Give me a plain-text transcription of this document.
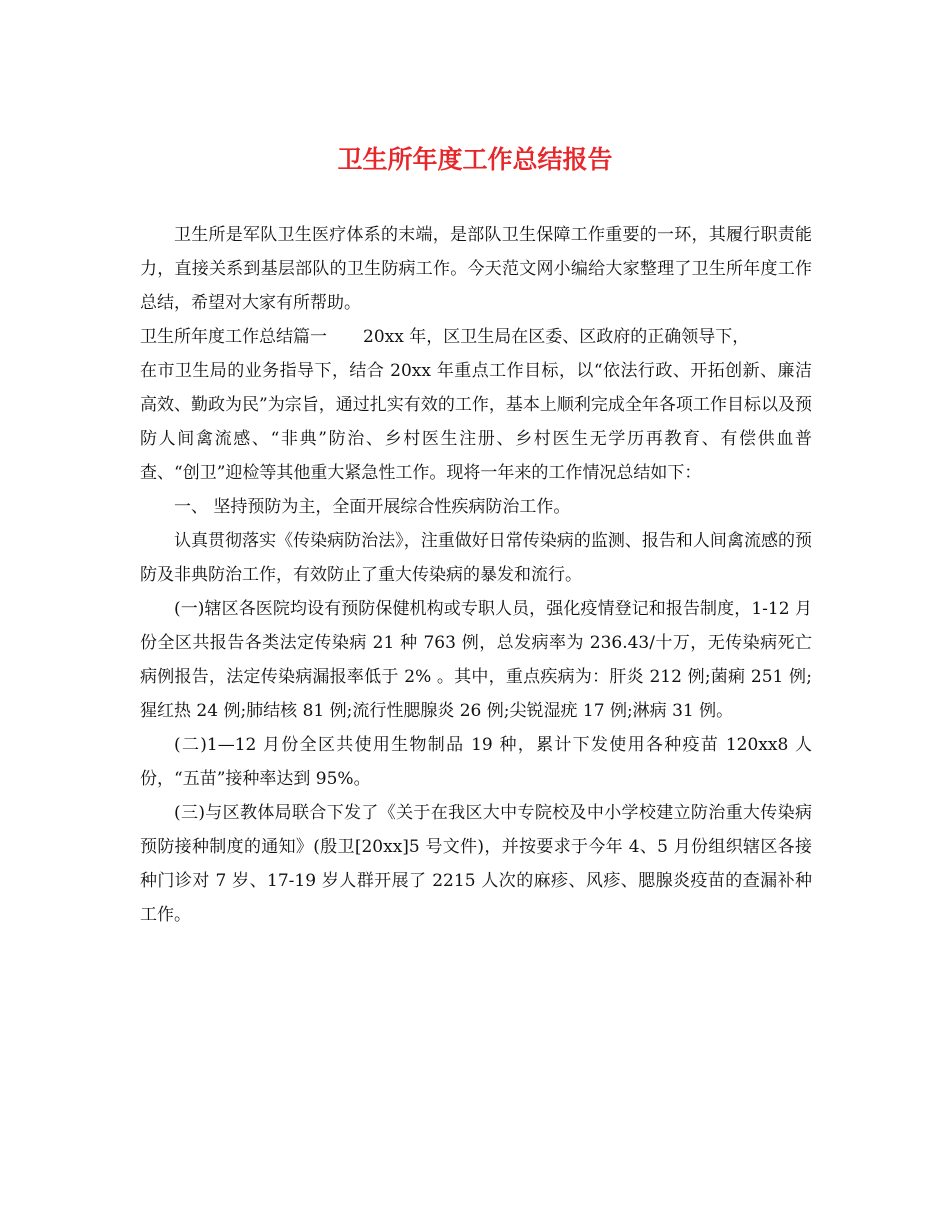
卫生所年度工作总结报告

卫生所是军队卫生医疗体系的末端，是部队卫生保障工作重要的一环，其履行职责能力，直接关系到基层部队的卫生防病工作。今天范文网小编给大家整理了卫生所年度工作总结，希望对大家有所帮助。

卫生所年度工作总结篇一 20xx 年，区卫生局在区委、区政府的正确领导下，

在市卫生局的业务指导下，结合 20xx 年重点工作目标，以“依法行政、开拓创新、廉洁高效、勤政为民”为宗旨，通过扎实有效的工作，基本上顺利完成全年各项工作目标以及预防人间禽流感、“非典”防治、乡村医生注册、乡村医生无学历再教育、有偿供血普查、“创卫”迎检等其他重大紧急性工作。现将一年来的工作情况总结如下：

一、 坚持预防为主，全面开展综合性疾病防治工作。

认真贯彻落实《传染病防治法》，注重做好日常传染病的监测、报告和人间禽流感的预防及非典防治工作，有效防止了重大传染病的暴发和流行。

(一)辖区各医院均设有预防保健机构或专职人员，强化疫情登记和报告制度，1-12 月份全区共报告各类法定传染病 21 种 763 例，总发病率为 236.43/十万，无传染病死亡病例报告，法定传染病漏报率低于 2% 。其中，重点疾病为：肝炎 212 例;菌痢 251 例;猩红热 24 例;肺结核 81 例;流行性腮腺炎 26 例;尖锐湿疣 17 例;淋病 31 例。

(二)1—12 月份全区共使用生物制品 19 种，累计下发使用各种疫苗 120xx8 人份，“五苗”接种率达到 95%。

(三)与区教体局联合下发了《关于在我区大中专院校及中小学校建立防治重大传染病预防接种制度的通知》(殷卫[20xx]5 号文件)，并按要求于今年 4、5 月份组织辖区各接种门诊对 7 岁、17-19 岁人群开展了 2215 人次的麻疹、风疹、腮腺炎疫苗的查漏补种工作。
